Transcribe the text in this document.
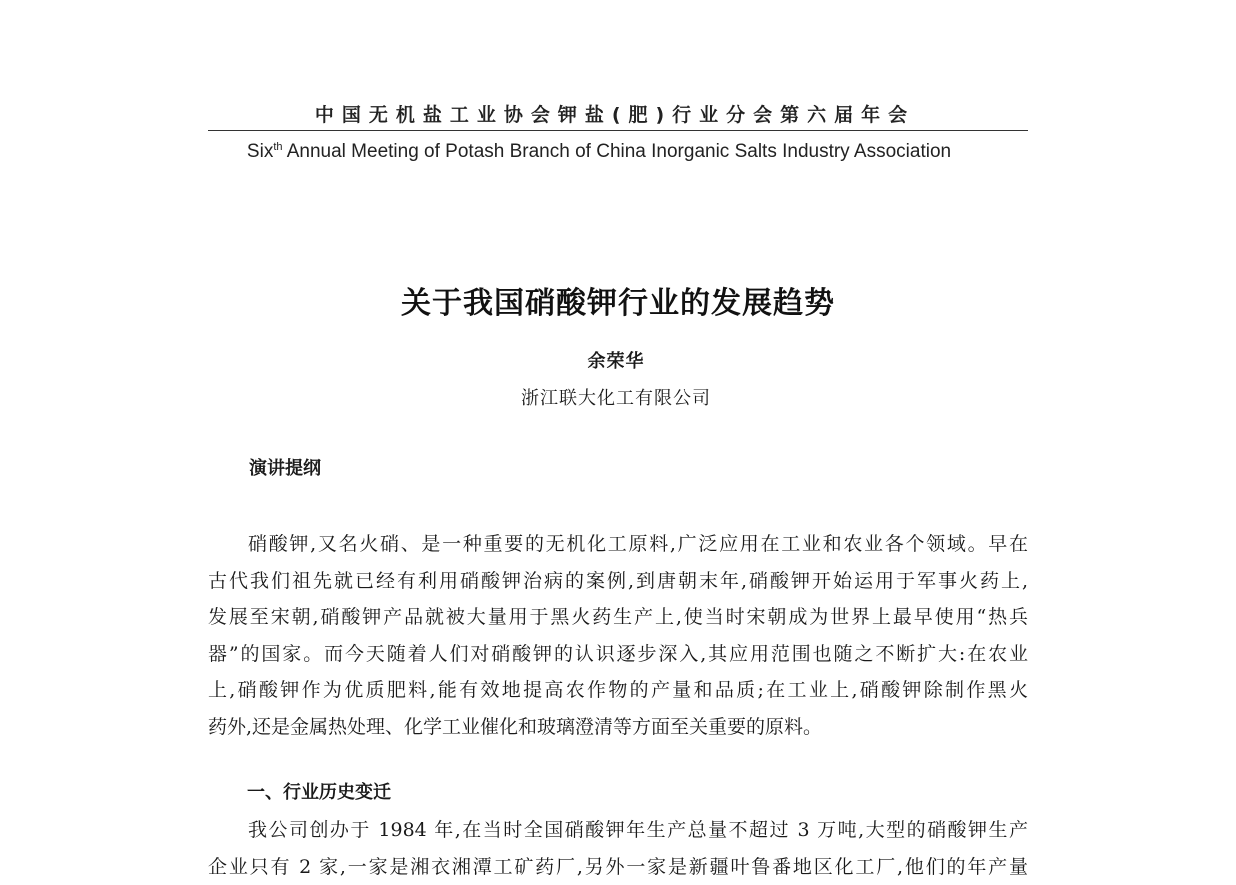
中国无机盐工业协会钾盐(肥)行业分会第六届年会
Six$^{th}$ Annual Meeting of Potash Branch of China Inorganic Salts Industry Association
关于我国硝酸钾行业的发展趋势
余荣华
浙江联大化工有限公司
演讲提纲

硝酸钾,又名火硝、是一种重要的无机化工原料,广泛应用在工业和农业各个领域。早在
古代我们祖先就已经有利用硝酸钾治病的案例,到唐朝末年,硝酸钾开始运用于军事火药上,
发展至宋朝,硝酸钾产品就被大量用于黑火药生产上,使当时宋朝成为世界上最早使用“热兵
器”的国家。而今天随着人们对硝酸钾的认识逐步深入,其应用范围也随之不断扩大:在农业
上,硝酸钾作为优质肥料,能有效地提高农作物的产量和品质;在工业上,硝酸钾除制作黑火
药外,还是金属热处理、化学工业催化和玻璃澄清等方面至关重要的原料。

一、行业历史变迁

我公司创办于 1984 年,在当时全国硝酸钾年生产总量不超过 3 万吨,大型的硝酸钾生产
企业只有 2 家,一家是湘衣湘潭工矿药厂,另外一家是新疆叶鲁番地区化工厂,他们的年产量
